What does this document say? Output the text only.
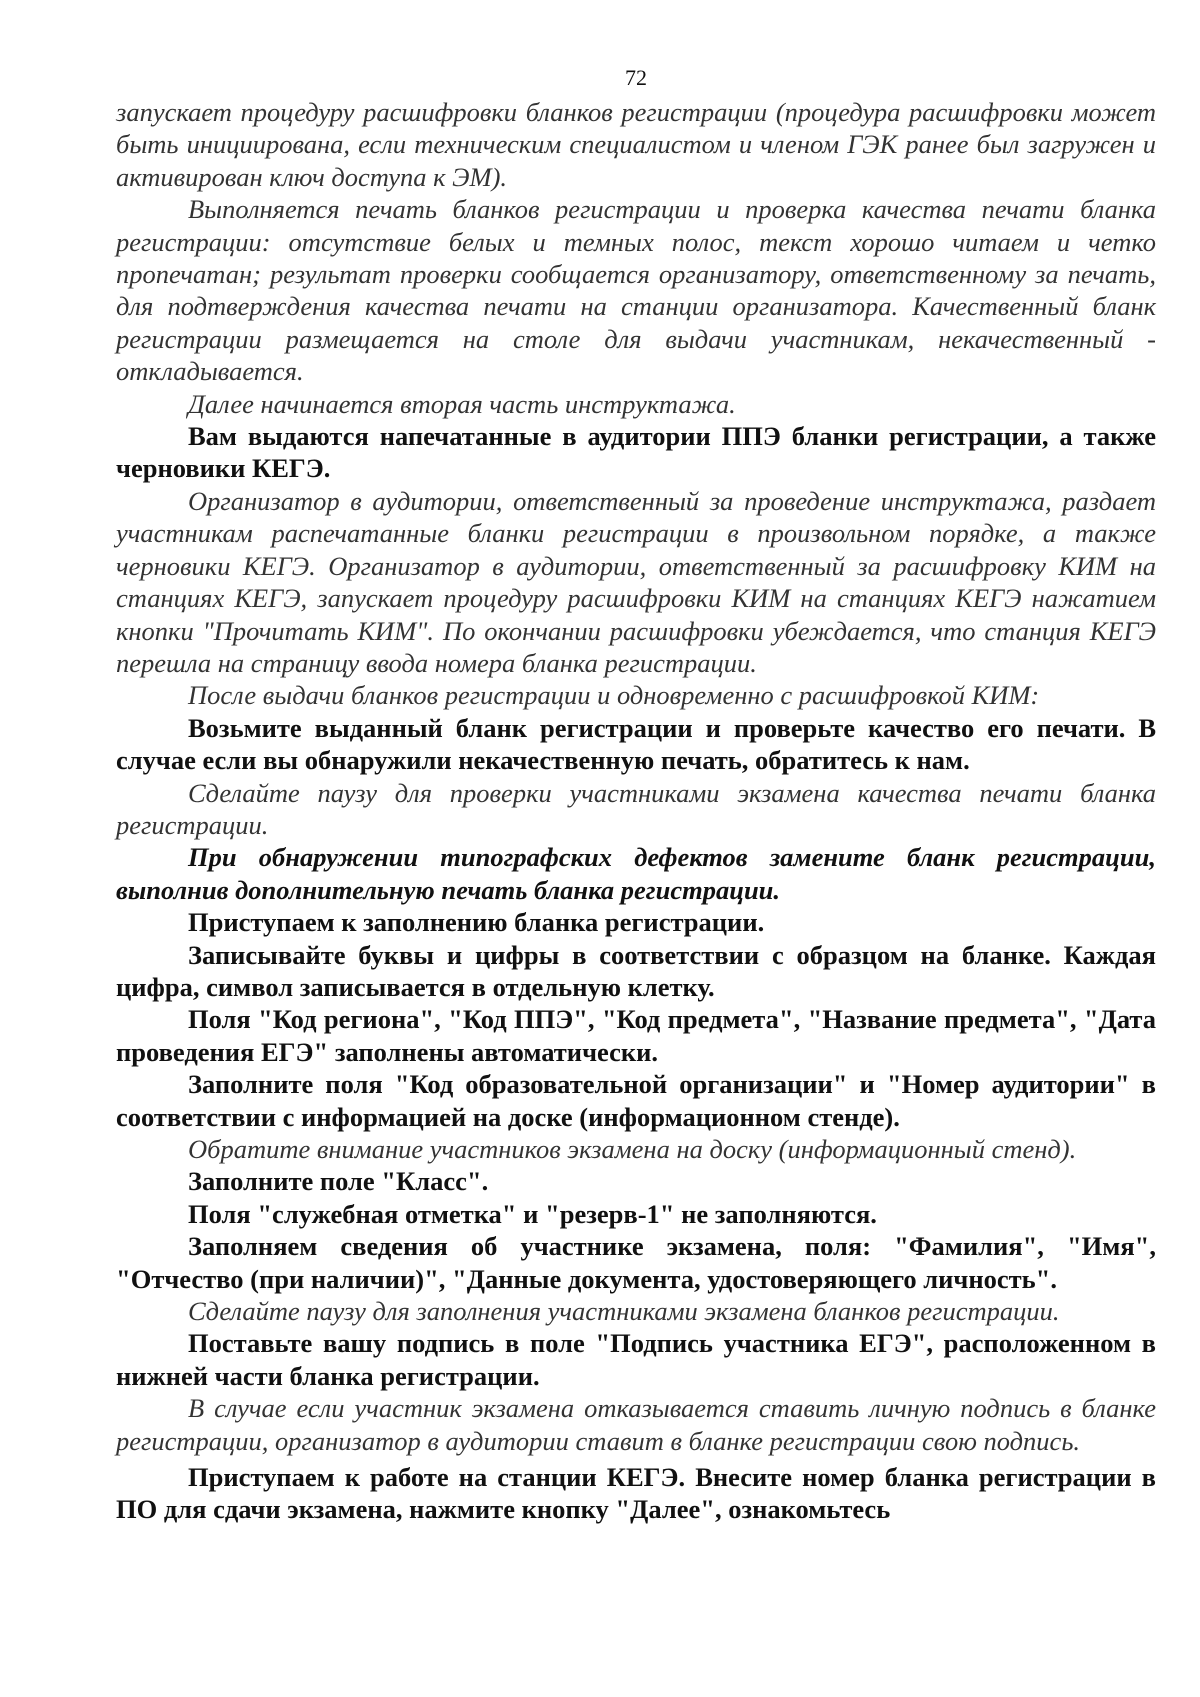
72

запускает процедуру расшифровки бланков регистрации (процедура расшифровки может быть инициирована, если техническим специалистом и членом ГЭК ранее был загружен и активирован ключ доступа к ЭМ).

Выполняется печать бланков регистрации и проверка качества печати бланка регистрации: отсутствие белых и темных полос, текст хорошо читаем и четко пропечатан; результат проверки сообщается организатору, ответственному за печать, для подтверждения качества печати на станции организатора. Качественный бланк регистрации размещается на столе для выдачи участникам, некачественный - откладывается.

Далее начинается вторая часть инструктажа.

Вам выдаются напечатанные в аудитории ППЭ бланки регистрации, а также черновики КЕГЭ.

Организатор в аудитории, ответственный за проведение инструктажа, раздает участникам распечатанные бланки регистрации в произвольном порядке, а также черновики КЕГЭ. Организатор в аудитории, ответственный за расшифровку КИМ на станциях КЕГЭ, запускает процедуру расшифровки КИМ на станциях КЕГЭ нажатием кнопки "Прочитать КИМ". По окончании расшифровки убеждается, что станция КЕГЭ перешла на страницу ввода номера бланка регистрации.

После выдачи бланков регистрации и одновременно с расшифровкой КИМ:

Возьмите выданный бланк регистрации и проверьте качество его печати. В случае если вы обнаружили некачественную печать, обратитесь к нам.

Сделайте паузу для проверки участниками экзамена качества печати бланка регистрации.

При обнаружении типографских дефектов замените бланк регистрации, выполнив дополнительную печать бланка регистрации.

Приступаем к заполнению бланка регистрации.

Записывайте буквы и цифры в соответствии с образцом на бланке. Каждая цифра, символ записывается в отдельную клетку.

Поля "Код региона", "Код ППЭ", "Код предмета", "Название предмета", "Дата проведения ЕГЭ" заполнены автоматически.

Заполните поля "Код образовательной организации" и "Номер аудитории" в соответствии с информацией на доске (информационном стенде).

Обратите внимание участников экзамена на доску (информационный стенд).

Заполните поле "Класс".

Поля "служебная отметка" и "резерв-1" не заполняются.

Заполняем сведения об участнике экзамена, поля: "Фамилия", "Имя", "Отчество (при наличии)", "Данные документа, удостоверяющего личность".

Сделайте паузу для заполнения участниками экзамена бланков регистрации.

Поставьте вашу подпись в поле "Подпись участника ЕГЭ", расположенном в нижней части бланка регистрации.

В случае если участник экзамена отказывается ставить личную подпись в бланке регистрации, организатор в аудитории ставит в бланке регистрации свою подпись.

Приступаем к работе на станции КЕГЭ. Внесите номер бланка регистрации в ПО для сдачи экзамена, нажмите кнопку "Далее", ознакомьтесь
